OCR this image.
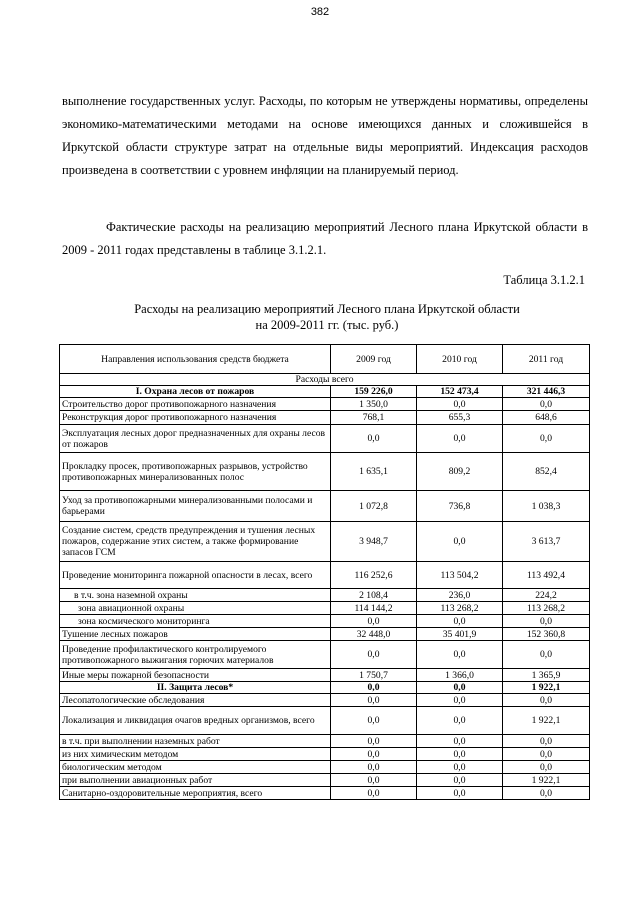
382

выполнение государственных услуг. Расходы, по которым не утверждены нормативы, определены экономико-математическими методами на основе имеющихся данных и сложившейся в Иркутской области структуре затрат на отдельные виды мероприятий. Индексация расходов произведена в соответствии с уровнем инфляции на планируемый период.

Фактические расходы на реализацию мероприятий Лесного плана Иркутской области в 2009 - 2011 годах представлены в таблице 3.1.2.1.

Таблица 3.1.2.1
Расходы на реализацию мероприятий Лесного плана Иркутской области
на 2009-2011 гг. (тыс. руб.)
Направления использования средств бюджета	2009 год	2010 год	2011 год
Расходы всего			
I. Охрана лесов от пожаров	159 226,0	152 473,4	321 446,3
Строительство дорог противопожарного назначения	1 350,0	0,0	0,0
Реконструкция дорог противопожарного назначения	768,1	655,3	648,6
Эксплуатация лесных дорог предназначенных для охраны лесов от пожаров	0,0	0,0	0,0
Прокладку просек, противопожарных разрывов, устройство противопожарных минерализованных полос	1 635,1	809,2	852,4
Уход за противопожарными минерализованными полосами и барьерами	1 072,8	736,8	1 038,3
Создание систем, средств предупреждения и тушения лесных пожаров, содержание этих систем, а также формирование запасов ГСМ	3 948,7	0,0	3 613,7
Проведение мониторинга пожарной опасности в лесах, всего	116 252,6	113 504,2	113 492,4
в т.ч. зона наземной охраны	2 108,4	236,0	224,2
зона авиационной охраны	114 144,2	113 268,2	113 268,2
зона космического мониторинга	0,0	0,0	0,0
Тушение лесных пожаров	32 448,0	35 401,9	152 360,8
Проведение профилактического контролируемого противопожарного выжигания горючих материалов	0,0	0,0	0,0
Иные меры пожарной безопасности	1 750,7	1 366,0	1 365,9
II. Защита лесов*	0,0	0,0	1 922,1
Лесопатологические обследования	0,0	0,0	0,0
Локализация и ликвидация очагов вредных организмов, всего	0,0	0,0	1 922,1
в т.ч. при выполнении наземных работ	0,0	0,0	0,0
из них химическим методом	0,0	0,0	0,0
биологическим методом	0,0	0,0	0,0
при выполнении авиационных работ	0,0	0,0	1 922,1
Санитарно-оздоровительные мероприятия, всего	0,0	0,0	0,0
